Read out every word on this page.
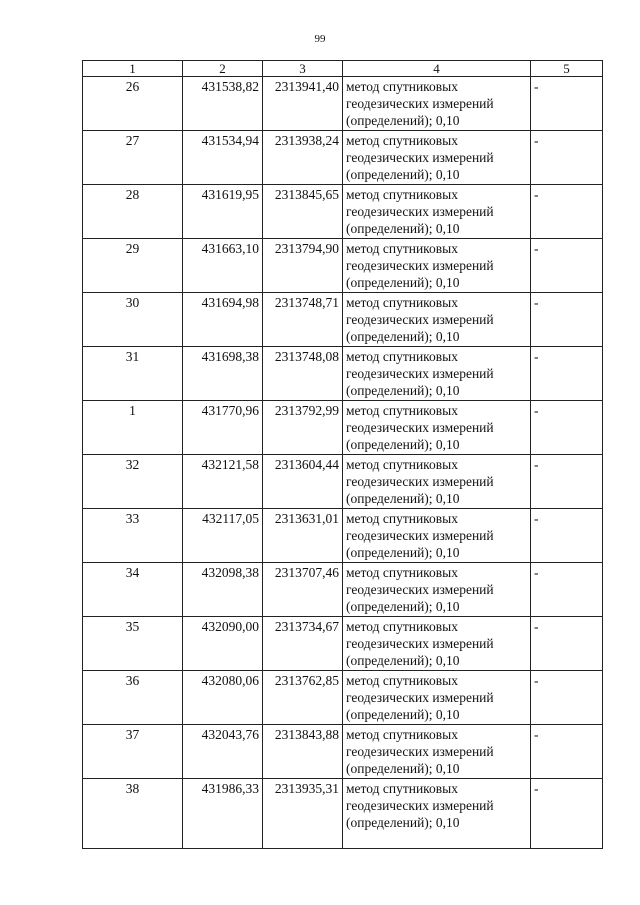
99
1	2	3	4	5
26	431538,82	2313941,40	метод спутниковых геодезических измерений (определений); 0,10	-
27	431534,94	2313938,24	метод спутниковых геодезических измерений (определений); 0,10	-
28	431619,95	2313845,65	метод спутниковых геодезических измерений (определений); 0,10	-
29	431663,10	2313794,90	метод спутниковых геодезических измерений (определений); 0,10	-
30	431694,98	2313748,71	метод спутниковых геодезических измерений (определений); 0,10	-
31	431698,38	2313748,08	метод спутниковых геодезических измерений (определений); 0,10	-
1	431770,96	2313792,99	метод спутниковых геодезических измерений (определений); 0,10	-
32	432121,58	2313604,44	метод спутниковых геодезических измерений (определений); 0,10	-
33	432117,05	2313631,01	метод спутниковых геодезических измерений (определений); 0,10	-
34	432098,38	2313707,46	метод спутниковых геодезических измерений (определений); 0,10	-
35	432090,00	2313734,67	метод спутниковых геодезических измерений (определений); 0,10	-
36	432080,06	2313762,85	метод спутниковых геодезических измерений (определений); 0,10	-
37	432043,76	2313843,88	метод спутниковых геодезических измерений (определений); 0,10	-
38	431986,33	2313935,31	метод спутниковых геодезических измерений (определений); 0,10	-
